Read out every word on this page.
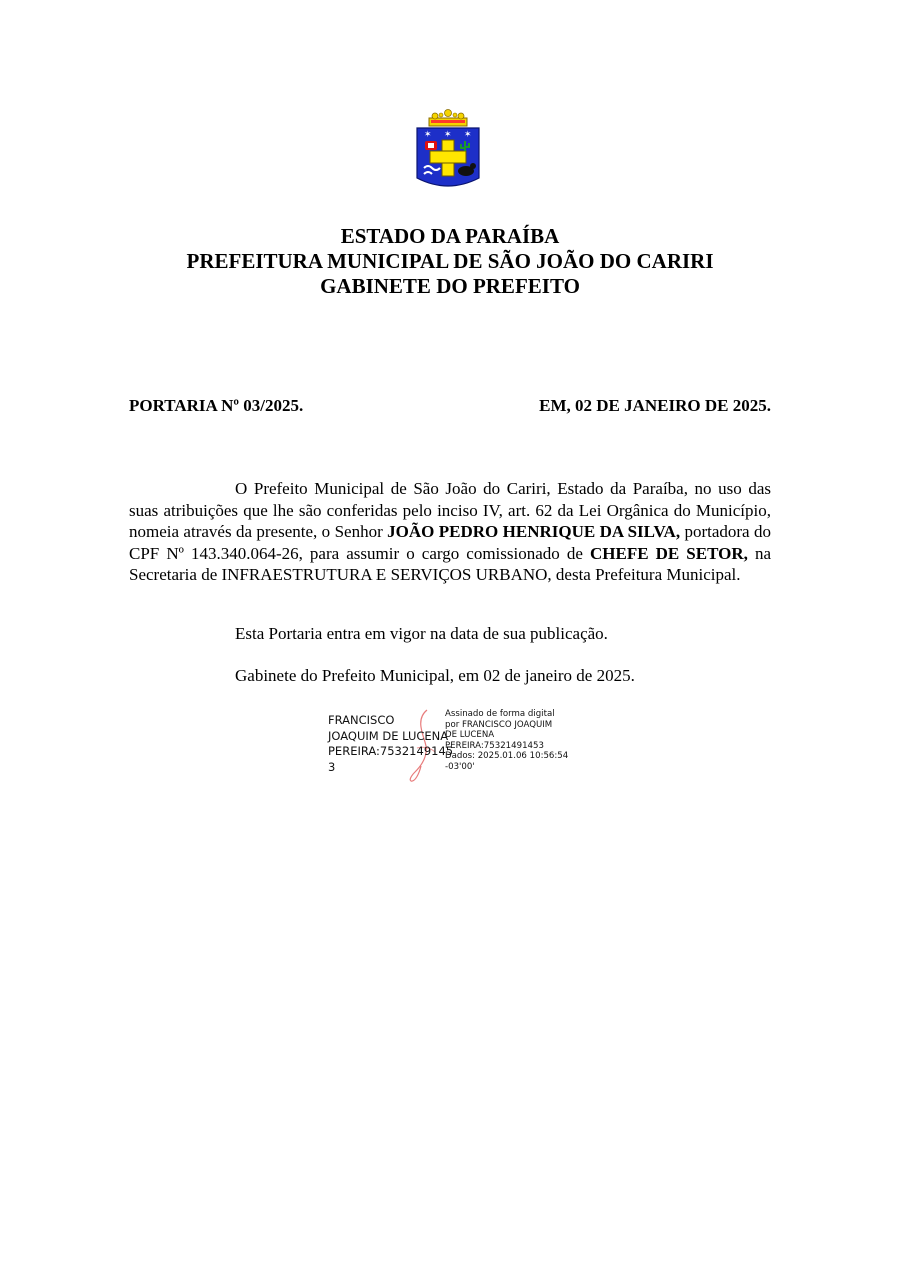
✶ ✶ ✶
ESTADO DA PARAÍBA
PREFEITURA MUNICIPAL DE SÃO JOÃO DO CARIRI
GABINETE DO PREFEITO
PORTARIA Nº 03/2025.	EM, 02 DE JANEIRO DE 2025.

O Prefeito Municipal de São João do Cariri, Estado da Paraíba, no uso das suas atribuições que lhe são conferidas pelo inciso IV, art. 62 da Lei Orgânica do Município, nomeia através da presente, o Senhor JOÃO PEDRO HENRIQUE DA SILVA, portadora do CPF Nº 143.340.064-26, para assumir o cargo comissionado de CHEFE DE SETOR, na Secretaria de INFRAESTRUTURA E SERVIÇOS URBANO, desta Prefeitura Municipal.

Esta Portaria entra em vigor na data de sua publicação.
Gabinete do Prefeito Municipal, em 02 de janeiro de 2025.
FRANCISCO
JOAQUIM DE LUCENA
PEREIRA:7532149145
3
Assinado de forma digital
por FRANCISCO JOAQUIM
DE LUCENA
PEREIRA:75321491453
Dados: 2025.01.06 10:56:54
-03'00'
